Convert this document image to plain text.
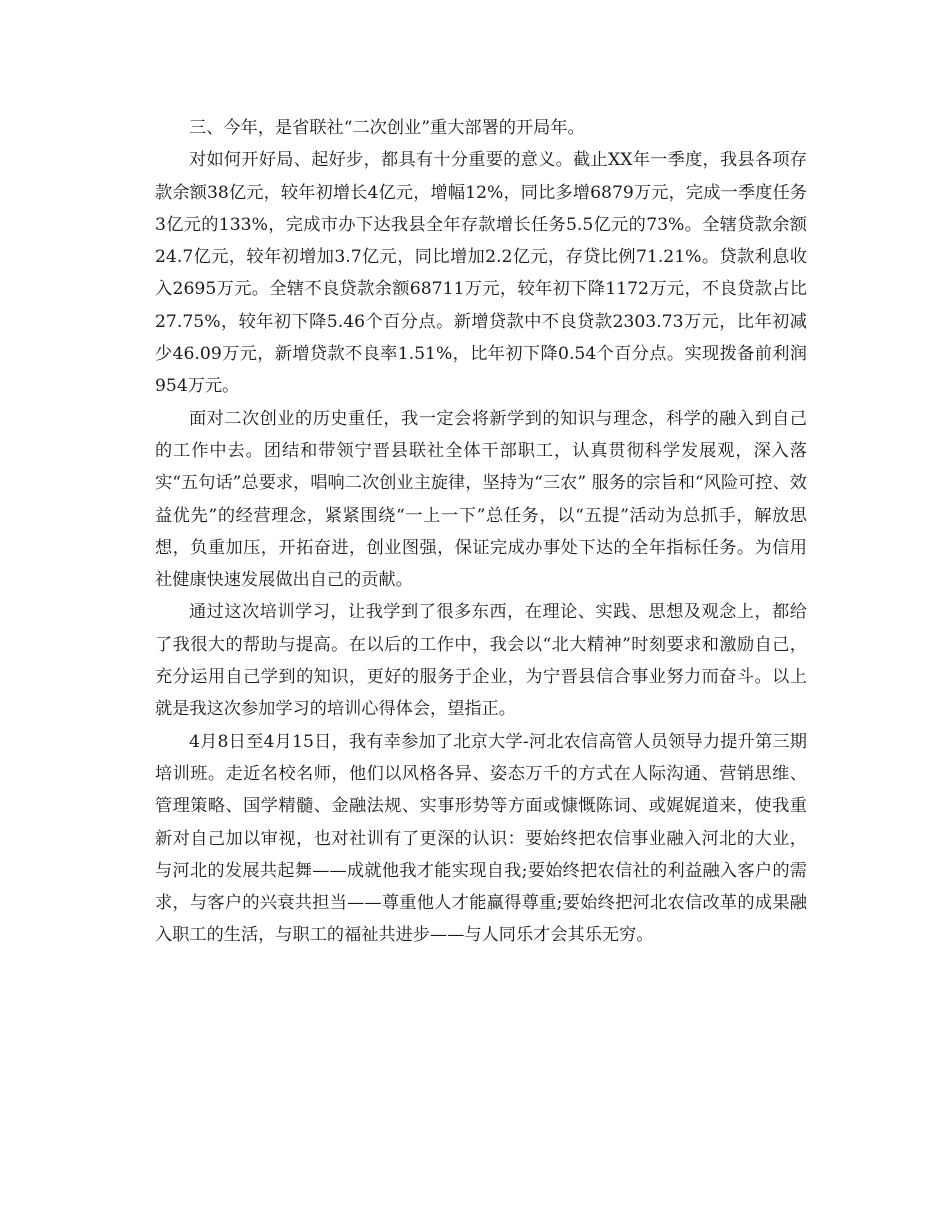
三、今年，是省联社“二次创业”重大部署的开局年。

对如何开好局、起好步，都具有十分重要的意义。截止XX年一季度，我县各项存款余额38亿元，较年初增长4亿元，增幅12%，同比多增6879万元，完成一季度任务3亿元的133%，完成市办下达我县全年存款增长任务5.5亿元的73%。全辖贷款余额24.7亿元，较年初增加3.7亿元，同比增加2.2亿元，存贷比例71.21%。贷款利息收入2695万元。全辖不良贷款余额68711万元，较年初下降1172万元，不良贷款占比27.75%，较年初下降5.46个百分点。新增贷款中不良贷款2303.73万元，比年初减少46.09万元，新增贷款不良率1.51%，比年初下降0.54个百分点。实现拨备前利润954万元。

面对二次创业的历史重任，我一定会将新学到的知识与理念，科学的融入到自己的工作中去。团结和带领宁晋县联社全体干部职工，认真贯彻科学发展观，深入落实“五句话”总要求，唱响二次创业主旋律，坚持为“三农” 服务的宗旨和“风险可控、效益优先”的经营理念，紧紧围绕“一上一下”总任务，以“五提”活动为总抓手，解放思想，负重加压，开拓奋进，创业图强，保证完成办事处下达的全年指标任务。为信用社健康快速发展做出自己的贡献。

通过这次培训学习，让我学到了很多东西，在理论、实践、思想及观念上，都给了我很大的帮助与提高。在以后的工作中，我会以“北大精神”时刻要求和激励自己，充分运用自己学到的知识，更好的服务于企业，为宁晋县信合事业努力而奋斗。以上就是我这次参加学习的培训心得体会，望指正。

4月8日至4月15日，我有幸参加了北京大学-河北农信高管人员领导力提升第三期培训班。走近名校名师，他们以风格各异、姿态万千的方式在人际沟通、营销思维、管理策略、国学精髓、金融法规、实事形势等方面或慷慨陈词、或娓娓道来，使我重新对自己加以审视，也对社训有了更深的认识：要始终把农信事业融入河北的大业，与河北的发展共起舞——成就他我才能实现自我;要始终把农信社的利益融入客户的需求，与客户的兴衰共担当——尊重他人才能赢得尊重;要始终把河北农信改革的成果融入职工的生活，与职工的福祉共进步——与人同乐才会其乐无穷。
